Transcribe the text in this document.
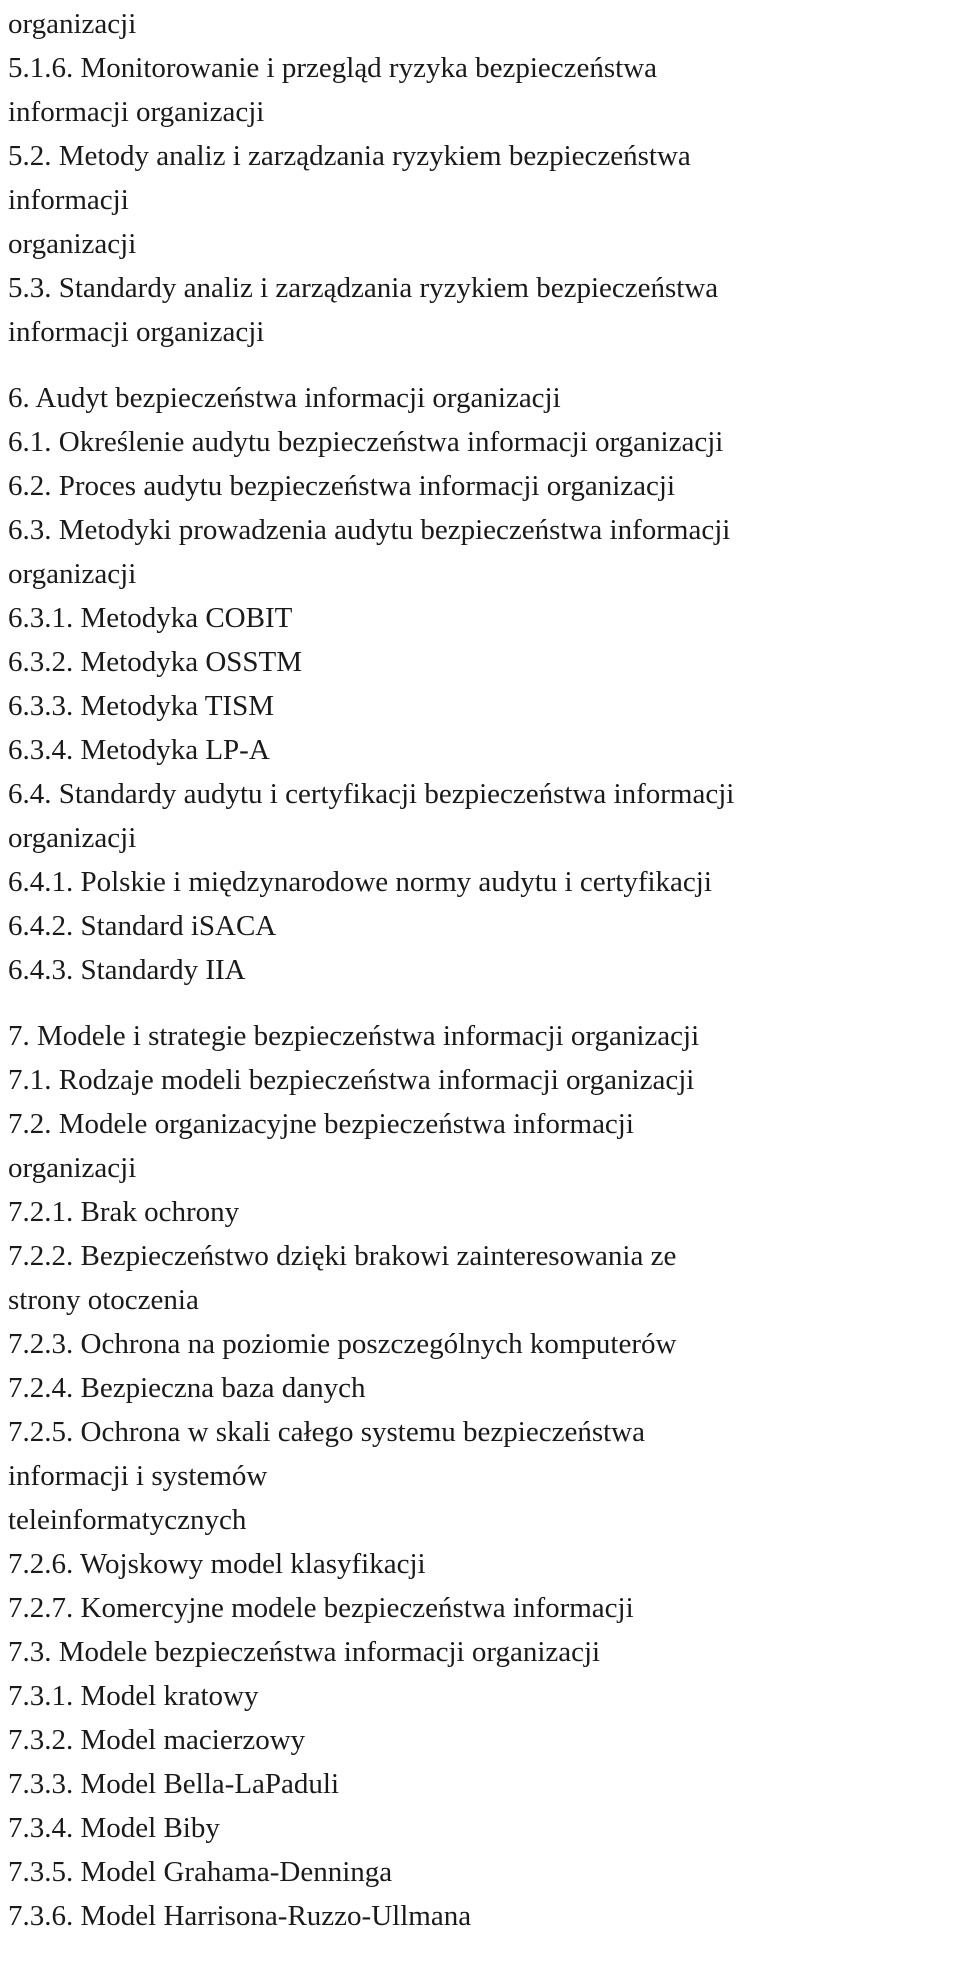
organizacji
5.1.6. Monitorowanie i przegląd ryzyka bezpieczeństwa
informacji organizacji
5.2. Metody analiz i zarządzania ryzykiem bezpieczeństwa
informacji
organizacji
5.3. Standardy analiz i zarządzania ryzykiem bezpieczeństwa
informacji organizacji
6. Audyt bezpieczeństwa informacji organizacji
6.1. Określenie audytu bezpieczeństwa informacji organizacji
6.2. Proces audytu bezpieczeństwa informacji organizacji
6.3. Metodyki prowadzenia audytu bezpieczeństwa informacji
organizacji
6.3.1. Metodyka COBIT
6.3.2. Metodyka OSSTM
6.3.3. Metodyka TISM
6.3.4. Metodyka LP-A
6.4. Standardy audytu i certyfikacji bezpieczeństwa informacji
organizacji
6.4.1. Polskie i międzynarodowe normy audytu i certyfikacji
6.4.2. Standard iSACA
6.4.3. Standardy IIA
7. Modele i strategie bezpieczeństwa informacji organizacji
7.1. Rodzaje modeli bezpieczeństwa informacji organizacji
7.2. Modele organizacyjne bezpieczeństwa informacji
organizacji
7.2.1. Brak ochrony
7.2.2. Bezpieczeństwo dzięki brakowi zainteresowania ze
strony otoczenia
7.2.3. Ochrona na poziomie poszczególnych komputerów
7.2.4. Bezpieczna baza danych
7.2.5. Ochrona w skali całego systemu bezpieczeństwa
informacji i systemów
teleinformatycznych
7.2.6. Wojskowy model klasyfikacji
7.2.7. Komercyjne modele bezpieczeństwa informacji
7.3. Modele bezpieczeństwa informacji organizacji
7.3.1. Model kratowy
7.3.2. Model macierzowy
7.3.3. Model Bella-LaPaduli
7.3.4. Model Biby
7.3.5. Model Grahama-Denninga
7.3.6. Model Harrisona-Ruzzo-Ullmana
